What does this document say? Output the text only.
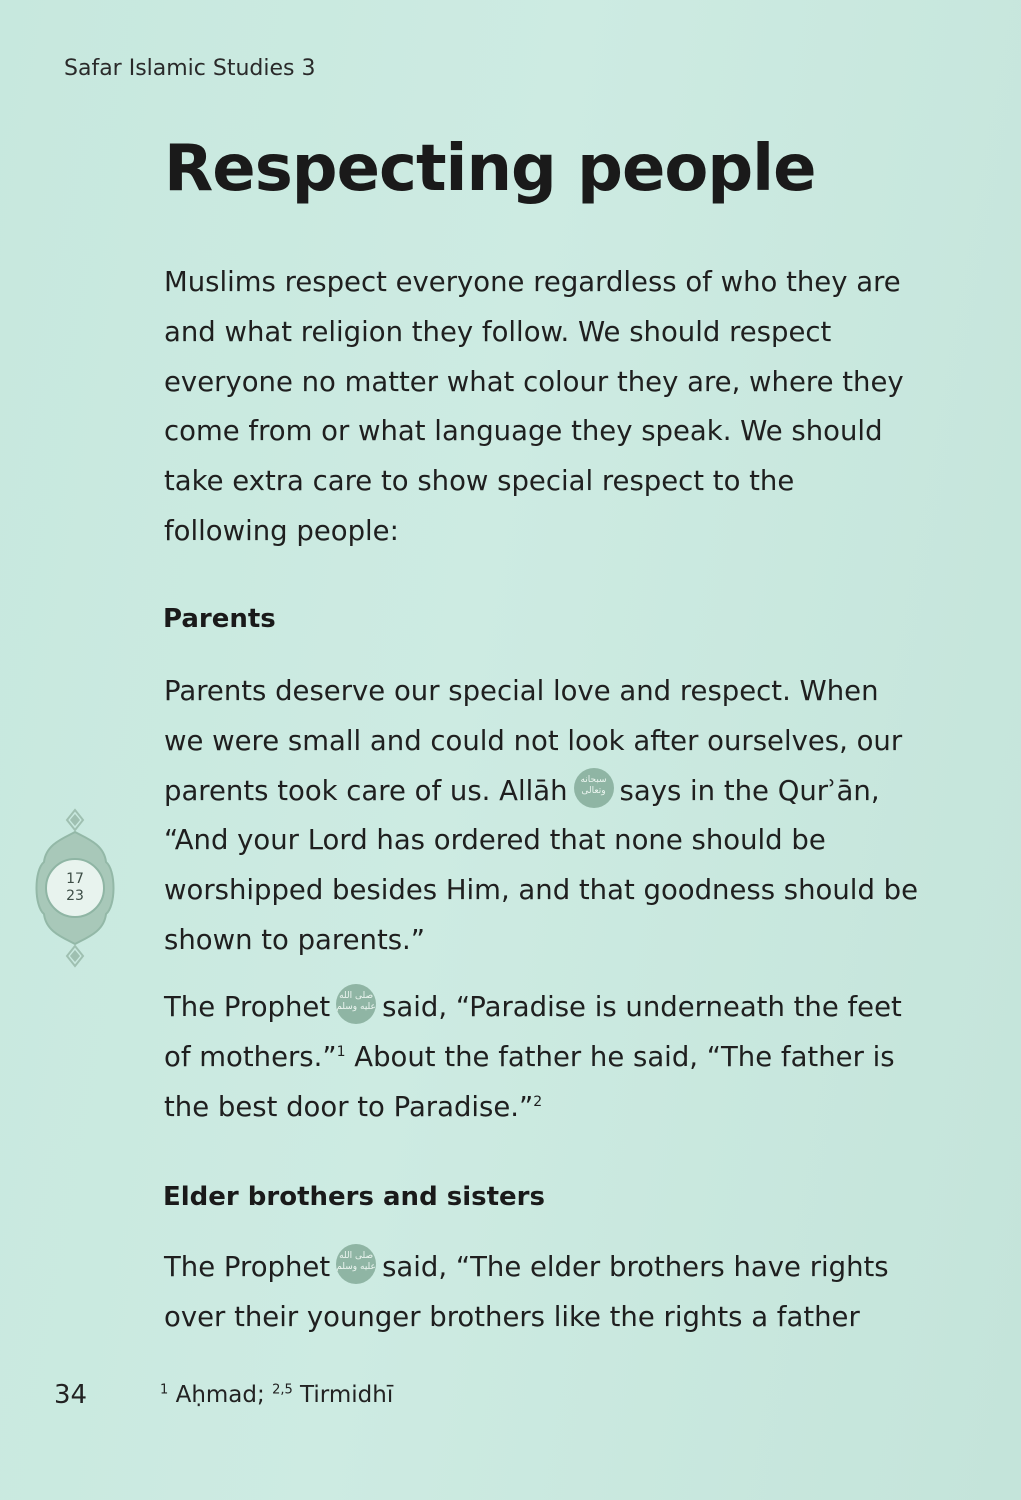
Safar Islamic Studies 3
Respecting people

Muslims respect everyone regardless of who they are and what religion they follow. We should respect everyone no matter what colour they are, where they come from or what language they speak. We should take extra care to show special respect to the following people:

Parents

Parents deserve our special love and respect. When
we were small and could not look after ourselves, our
parents took care of us. Allāh سبحانه وتعالى says in the Qurʾān,
“And your Lord has ordered that none should be
worshipped besides Him, and that goodness should be
shown to parents.”

The Prophet صلى الله عليه وسلم said, “Paradise is underneath the feet
of mothers.”$^1$ About the father he said, “The father is
the best door to Paradise.”$^2$

Elder brothers and sisters

The Prophet صلى الله عليه وسلم said, “The elder brothers have rights
over their younger brothers like the rights a father

17
23
34	$^1$ Aḥmad; $^{2,5}$ Tirmidhī
